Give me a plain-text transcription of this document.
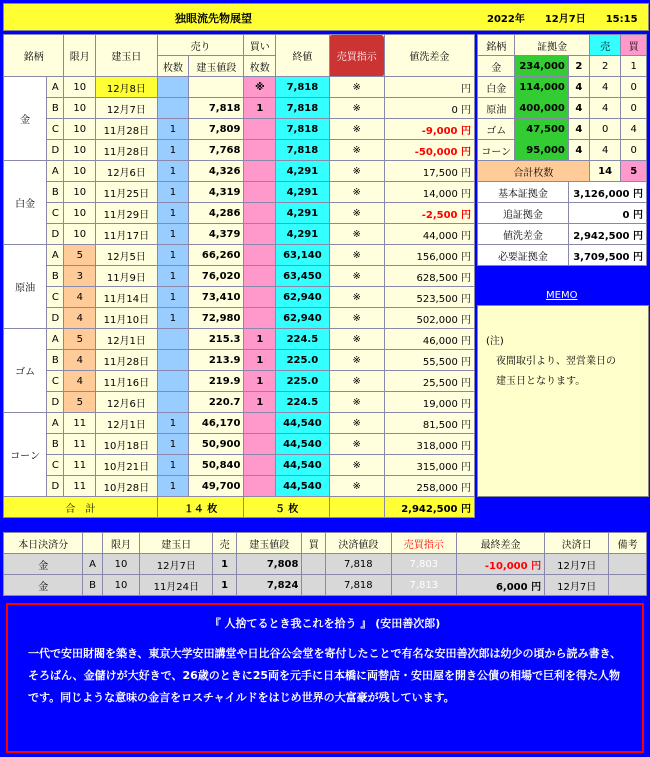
独眼流先物展望	2022年　　12月7日　　15:15
銘柄		限月	建玉日	売り		買い	終値	売買指示	値洗差金
				枚数	建玉値段	枚数			
金	A	10	12月8日			※	7,818	※	円
	B	10	12月7日		7,818	1	7,818	※	0 円
	C	10	11月28日	1	7,809		7,818	※	-9,000 円
	D	10	11月28日	1	7,768		7,818	※	-50,000 円
白金	A	10	12月6日	1	4,326		4,291	※	17,500 円
	B	10	11月25日	1	4,319		4,291	※	14,000 円
	C	10	11月29日	1	4,286		4,291	※	-2,500 円
	D	10	11月17日	1	4,379		4,291	※	44,000 円
原油	A	5	12月5日	1	66,260		63,140	※	156,000 円
	B	3	11月9日	1	76,020		63,450	※	628,500 円
	C	4	11月14日	1	73,410		62,940	※	523,500 円
	D	4	11月10日	1	72,980		62,940	※	502,000 円
ゴム	A	5	12月1日		215.3	1	224.5	※	46,000 円
	B	4	11月28日		213.9	1	225.0	※	55,500 円
	C	4	11月16日		219.9	1	225.0	※	25,500 円
	D	5	12月6日		220.7	1	224.5	※	19,000 円
コーン	A	11	12月1日	1	46,170		44,540	※	81,500 円
	B	11	10月18日	1	50,900		44,540	※	318,000 円
	C	11	10月21日	1	50,840		44,540	※	315,000 円
	D	11	10月28日	1	49,700		44,540	※	258,000 円
合　計				１４ 枚		５ 枚			2,942,500 円
銘柄	証拠金		売	買
金	234,000	2	2	1
白金	114,000	4	4	0
原油	400,000	4	4	0
ゴム	47,500	4	0	4
コーン	95,000	4	4	0
合計枚数			14	5
基本証拠金		3,126,000 円		
追証拠金		0 円		
値洗差金		2,942,500 円		
必要証拠金		3,709,500 円		
(注)
　夜間取引より、翌営業日の
　建玉日となります。
MEMO
本日決済分		限月	建玉日	売	建玉値段	買	決済値段	売買指示	最終差金	決済日	備考
金	A	10	12月7日	1	7,808		7,818	7,803	-10,000 円	12月7日	
金	B	10	11月24日	1	7,824		7,818	7,813	6,000 円	12月7日	
『 人捨てるとき我これを拾う 』 (安田善次郎)
一代で安田財閥を築き、東京大学安田講堂や日比谷公会堂を寄付したことで有名な安田善次郎は幼少の頃から読み書き、そろばん、金儲けが大好きで、26歳のときに25両を元手に日本橋に両替店・安田屋を開き公債の相場で巨利を得た人物です。同じような意味の金言をロスチャイルドをはじめ世界の大富豪が残しています。
